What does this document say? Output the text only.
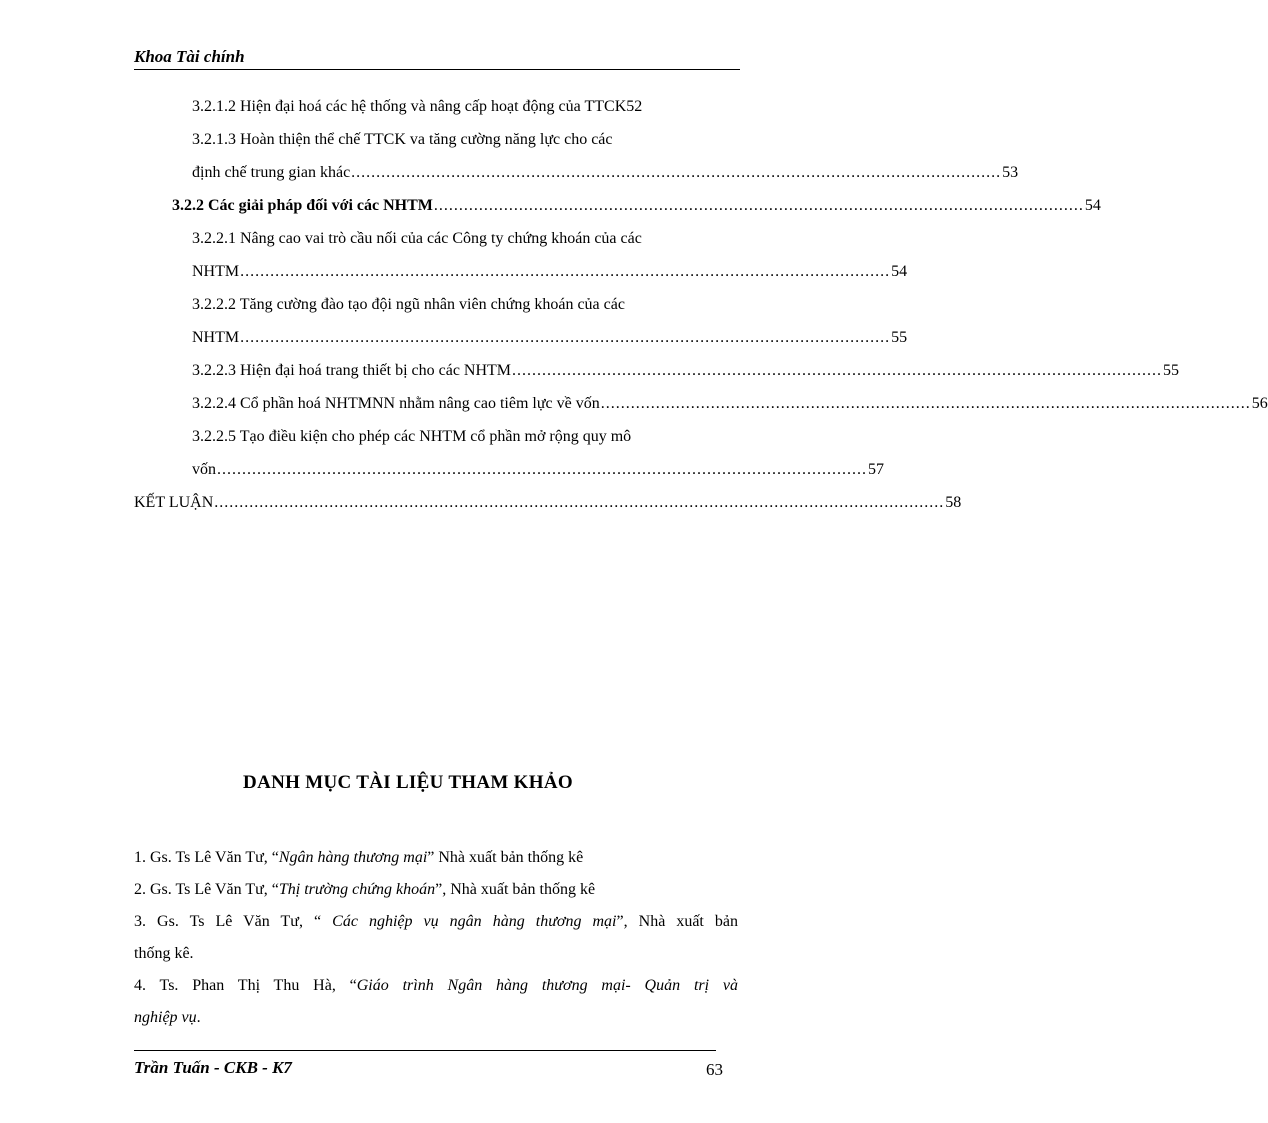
Khoa Tài chính
3.2.1.2 Hiện đại hoá các hệ thống và nâng cấp hoạt động của TTCK 52
3.2.1.3 Hoàn thiện thể chế TTCK va tăng cường năng lực cho các
định chế trung gian khác .................................................................................................................................. 53
3.2.2 Các giải pháp đối với các NHTM .................................................................................................................................. 54
3.2.2.1 Nâng cao vai trò cầu nối của các Công ty chứng khoán của các
NHTM .................................................................................................................................. 54
3.2.2.2 Tăng cường đào tạo đội ngũ nhân viên chứng khoán của các
NHTM .................................................................................................................................. 55
3.2.2.3 Hiện đại hoá trang thiết bị cho các NHTM .................................................................................................................................. 55
3.2.2.4 Cổ phần hoá NHTMNN nhằm nâng cao tiêm lực về vốn .................................................................................................................................. 56
3.2.2.5 Tạo điều kiện cho phép các NHTM cổ phần mở rộng quy mô
vốn .................................................................................................................................. 57
KẾT LUẬN .................................................................................................................................................. 58
DANH MỤC TÀI LIỆU THAM KHẢO
1. Gs. Ts Lê Văn Tư, “Ngân hàng thương mại” Nhà xuất bản thống kê
2. Gs. Ts Lê Văn Tư, “Thị trường chứng khoán”, Nhà xuất bản thống kê
3. Gs. Ts Lê Văn Tư, “ Các nghiệp vụ ngân hàng thương mại”, Nhà xuất bản
thống kê.
4. Ts. Phan Thị Thu Hà, “Giáo trình Ngân hàng thương mại- Quản trị và
nghiệp vụ.
Trần Tuấn - CKB - K7	63
